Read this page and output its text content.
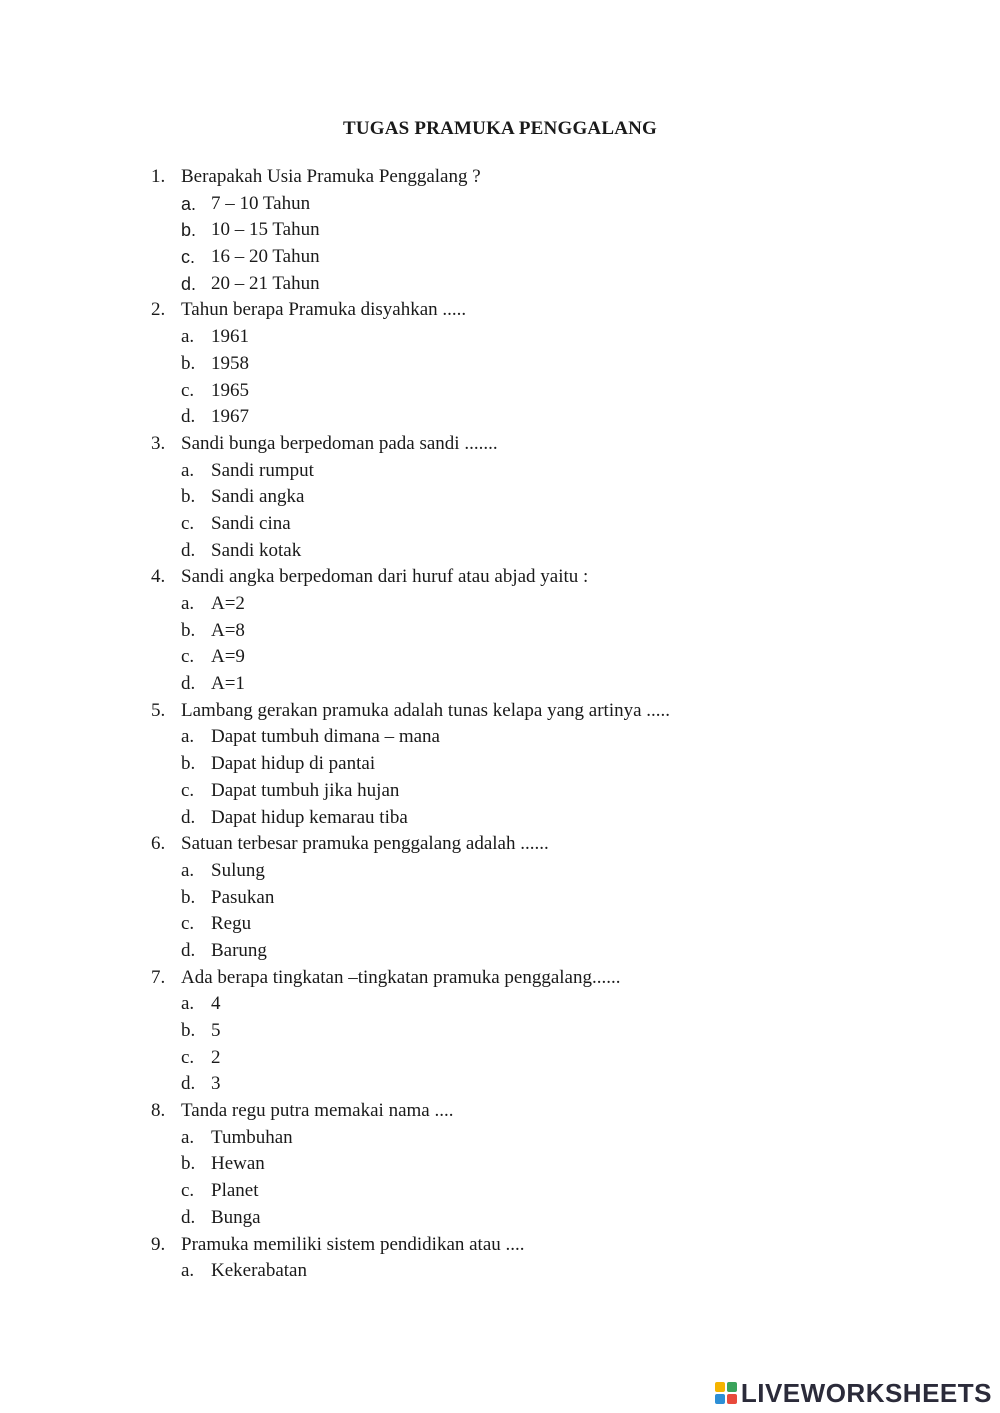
TUGAS PRAMUKA PENGGALANG
1. Berapakah Usia Pramuka Penggalang ?
a. 7 – 10 Tahun
b. 10 – 15 Tahun
c. 16 – 20 Tahun
d. 20 – 21 Tahun
2. Tahun berapa Pramuka disyahkan .....
a. 1961
b. 1958
c. 1965
d. 1967
3. Sandi bunga berpedoman pada sandi .......
a. Sandi rumput
b. Sandi angka
c. Sandi cina
d. Sandi kotak
4. Sandi angka berpedoman dari huruf atau abjad yaitu :
a. A=2
b. A=8
c. A=9
d. A=1
5. Lambang gerakan pramuka adalah tunas kelapa yang artinya .....
a. Dapat tumbuh dimana – mana
b. Dapat hidup di pantai
c. Dapat tumbuh jika hujan
d. Dapat hidup kemarau tiba
6. Satuan terbesar pramuka penggalang adalah ......
a. Sulung
b. Pasukan
c. Regu
d. Barung
7. Ada berapa tingkatan –tingkatan pramuka penggalang......
a. 4
b. 5
c. 2
d. 3
8. Tanda regu putra memakai nama ....
a. Tumbuhan
b. Hewan
c. Planet
d. Bunga
9. Pramuka memiliki sistem pendidikan atau ....
a. Kekerabatan
LIVEWORKSHEETS
